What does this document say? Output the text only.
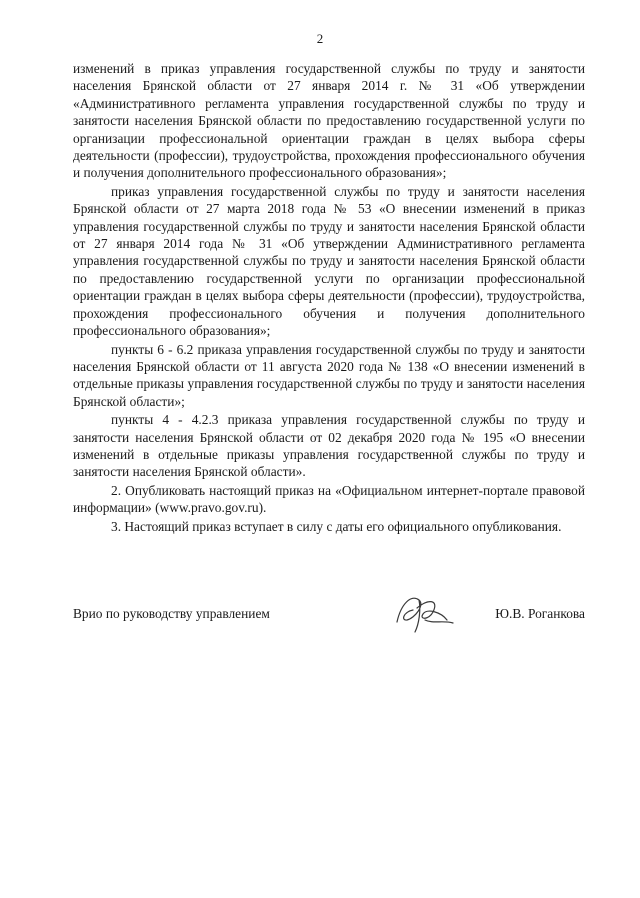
2

изменений в приказ управления государственной службы по труду и занятости населения Брянской области от 27 января 2014 г. № 31 «Об утверждении «Административного регламента управления государственной службы по труду и занятости населения Брянской области по предоставлению государственной услуги по организации профессиональной ориентации граждан в целях выбора сферы деятельности (профессии), трудоустройства, прохождения профессионального обучения и получения дополнительного профессионального образования»;

приказ управления государственной службы по труду и занятости населения Брянской области от 27 марта 2018 года № 53 «О внесении изменений в приказ управления государственной службы по труду и занятости населения Брянской области от 27 января 2014 года № 31 «Об утверждении Административного регламента управления государственной службы по труду и занятости населения Брянской области по предоставлению государственной услуги по организации профессиональной ориентации граждан в целях выбора сферы деятельности (профессии), трудоустройства, прохождения профессионального обучения и получения дополнительного профессионального образования»;

пункты 6 - 6.2 приказа управления государственной службы по труду и занятости населения Брянской области от 11 августа 2020 года № 138 «О внесении изменений в отдельные приказы управления государственной службы по труду и занятости населения Брянской области»;

пункты 4 - 4.2.3 приказа управления государственной службы по труду и занятости населения Брянской области от 02 декабря 2020 года № 195 «О внесении изменений в отдельные приказы управления государственной службы по труду и занятости населения Брянской области».

2. Опубликовать настоящий приказ на «Официальном интернет-портале правовой информации» (www.pravo.gov.ru).

3. Настоящий приказ вступает в силу с даты его официального опубликования.

Врио по руководству управлением	Ю.В. Роганкова
